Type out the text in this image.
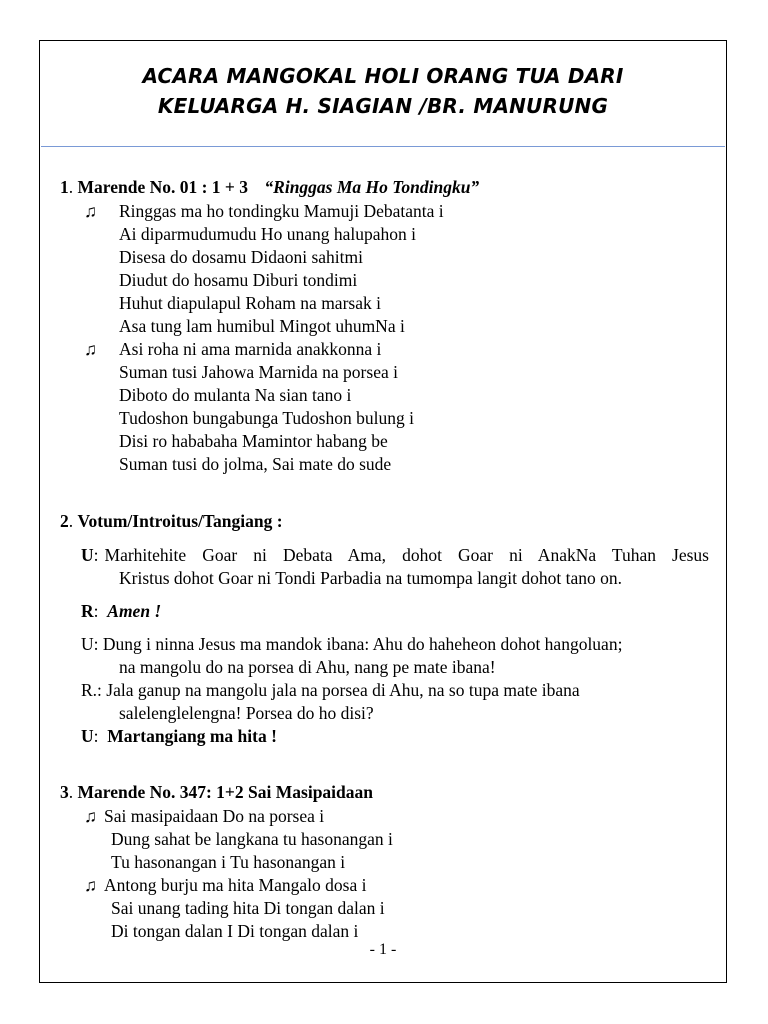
ACARA MANGOKAL HOLI ORANG TUA DARI
KELUARGA H. SIAGIAN /BR. MANURUNG
1. Marende No. 01 : 1 + 3 “Ringgas Ma Ho Tondingku”
♫ Ringgas ma ho tondingku Mamuji Debatanta i
Ai diparmudumudu Ho unang halupahon i
Disesa do dosamu Didaoni sahitmi
Diudut do hosamu Diburi tondimi
Huhut diapulapul Roham na marsak i
Asa tung lam humibul Mingot uhumNa i
♫ Asi roha ni ama marnida anakkonna i
Suman tusi Jahowa Marnida na porsea i
Diboto do mulanta Na sian tano i
Tudoshon bungabunga Tudoshon bulung i
Disi ro hababaha Mamintor habang be
Suman tusi do jolma, Sai mate do sude
2. Votum/Introitus/Tangiang :
U: Marhitehite Goar ni Debata Ama, dohot Goar ni AnakNa Tuhan Jesus
Kristus dohot Goar ni Tondi Parbadia na tumompa langit dohot tano on.
R:  Amen !
U: Dung i ninna Jesus ma mandok ibana: Ahu do haheheon dohot hangoluan;
na mangolu do na porsea di Ahu, nang pe mate ibana!
R.: Jala ganup na mangolu jala na porsea di Ahu, na so tupa mate ibana
salelenglelengna! Porsea do ho disi?
U:  Martangiang ma hita !
3. Marende No. 347: 1+2 Sai Masipaidaan
♫ Sai masipaidaan Do na porsea i
Dung sahat be langkana tu hasonangan i
Tu hasonangan i Tu hasonangan i
♫ Antong burju ma hita Mangalo dosa i
Sai unang tading hita Di tongan dalan i
Di tongan dalan I Di tongan dalan i
- 1 -
